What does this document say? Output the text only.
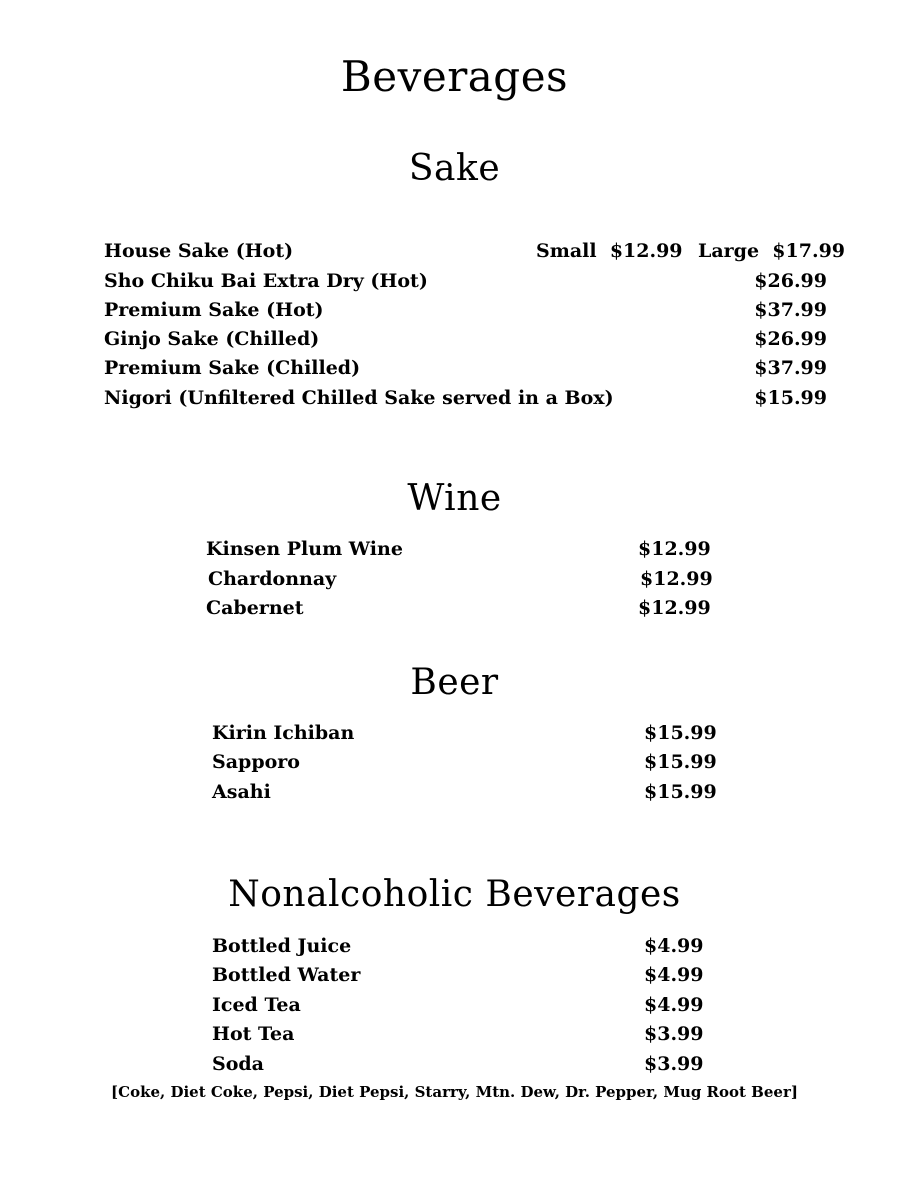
Beverages
Sake
House Sake (Hot)	Small $12.99 Large $17.99
Sho Chiku Bai Extra Dry (Hot)	$26.99
Premium Sake (Hot)	$37.99
Ginjo Sake (Chilled)	$26.99
Premium Sake (Chilled)	$37.99
Nigori (Unfiltered Chilled Sake served in a Box)	$15.99
Wine
Kinsen Plum Wine	$12.99
Chardonnay	$12.99
Cabernet	$12.99
Beer
Kirin Ichiban	$15.99
Sapporo	$15.99
Asahi	$15.99
Nonalcoholic Beverages
Bottled Juice	$4.99
Bottled Water	$4.99
Iced Tea	$4.99
Hot Tea	$3.99
Soda	$3.99
[Coke, Diet Coke, Pepsi, Diet Pepsi, Starry, Mtn. Dew, Dr. Pepper, Mug Root Beer]
